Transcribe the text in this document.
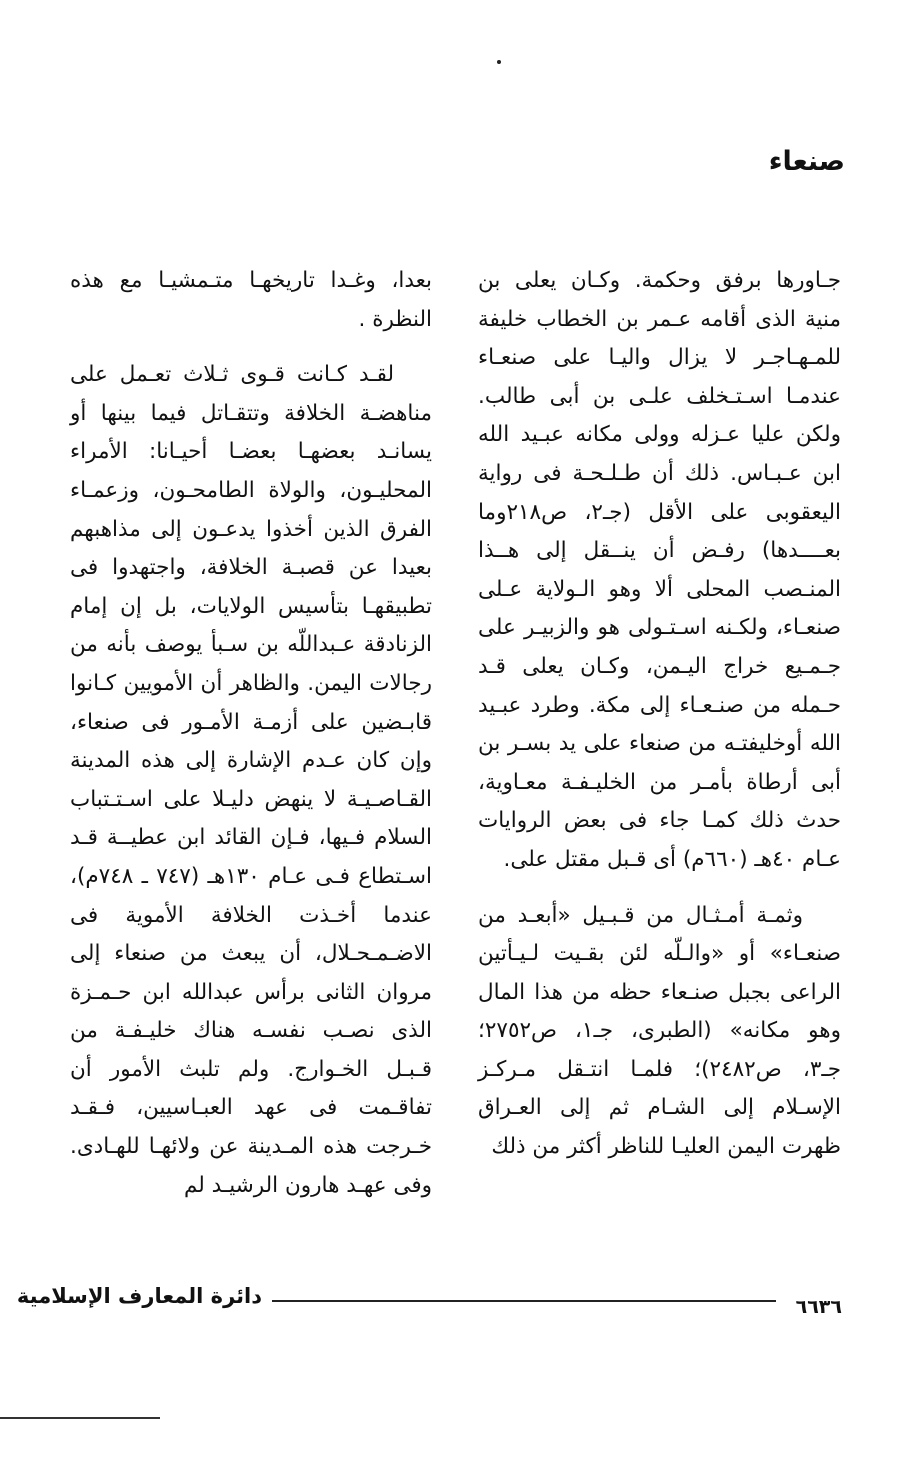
صنعاء

جـاورها برفق وحكمة. وكـان يعلى بن منية الذى أقامه عـمر بن الخطاب خليفة للمـهـاجـر لا يزال واليـا على صنعـاء عندمـا اسـتـخلف علـى بن أبى طالب. ولكن عليا عـزله وولى مكانه عبـيد الله ابن عـبـاس. ذلك أن طـلـحـة فى رواية اليعقوبى على الأقل (جـ٢، ص٢١٨وما بعــــدها) رفـض أن ينــقل إلى هــذا المنـصب المحلى ألا وهو الـولاية عـلى صنعـاء، ولكـنه اسـتـولى هو والزبيـر على جـمـيع خراج اليـمن، وكـان يعلى قـد حـمله من صنـعـاء إلى مكة. وطرد عبـيد الله أوخليفتـه من صنعاء على يد بسـر بن أبى أرطاة بأمـر من الخليـفـة معـاوية، حدث ذلك كمـا جاء فى بعض الروايات عـام ٤٠هـ (٦٦٠م) أى قـبل مقتل على.

وثمـة أمـثـال من قـبـيل «أبعـد من صنعـاء» أو «والـلّه لئن بقـيت لـيـأتين الراعى بجبل صنـعاء حظه من هذا المال وهو مكانه» (الطبرى، جـ١، ص٢٧٥٢؛ جـ٣، ص٢٤٨٢)؛ فلمـا انتـقل مـركـز الإسـلام إلى الشـام ثم إلى العـراق ظهرت اليمن العليـا للناظر أكثر من ذلك

بعدا، وغـدا تاريخهـا متـمشيـا مع هذه النظرة .

لقـد كـانت قـوى ثـلاث تعـمل على مناهضـة الخلافة وتتقـاتل فيما بينها أو يسانـد بعضهـا بعضـا أحيـانا: الأمراء المحليـون، والولاة الطامحـون، وزعمـاء الفرق الذين أخذوا يدعـون إلى مذاهبهم بعيدا عن قصبـة الخلافة، واجتهدوا فى تطبيقهـا بتأسيس الولايات، بل إن إمام الزنادقة عـبداللّه بن سـبأ يوصف بأنه من رجالات اليمن. والظاهر أن الأمويين كـانوا قابـضين على أزمـة الأمـور فى صنعاء، وإن كان عـدم الإشارة إلى هذه المدينة القـاصـيـة لا ينهض دليـلا على اسـتـتباب السلام فـيها، فـإن القائد ابن عطيــة قـد اسـتطاع فـى عـام ١٣٠هـ (٧٤٧ ـ ٧٤٨م)، عندما أخـذت الخلافة الأموية فى الاضـمـحـلال، أن يبعث من صنعاء إلى مروان الثانى برأس عبدالله ابن حـمـزة الذى نصـب نفسـه هناك خليـفـة من قـبـل الخـوارج. ولم تلبث الأمور أن تفاقـمت فى عهد العبـاسيين، فـقـد خـرجت هذه المـدينة عن ولائهـا للهـادى. وفى عهـد هارون الرشيـد لم

دائرة المعارف الإسلامية	٦٦٣٦
